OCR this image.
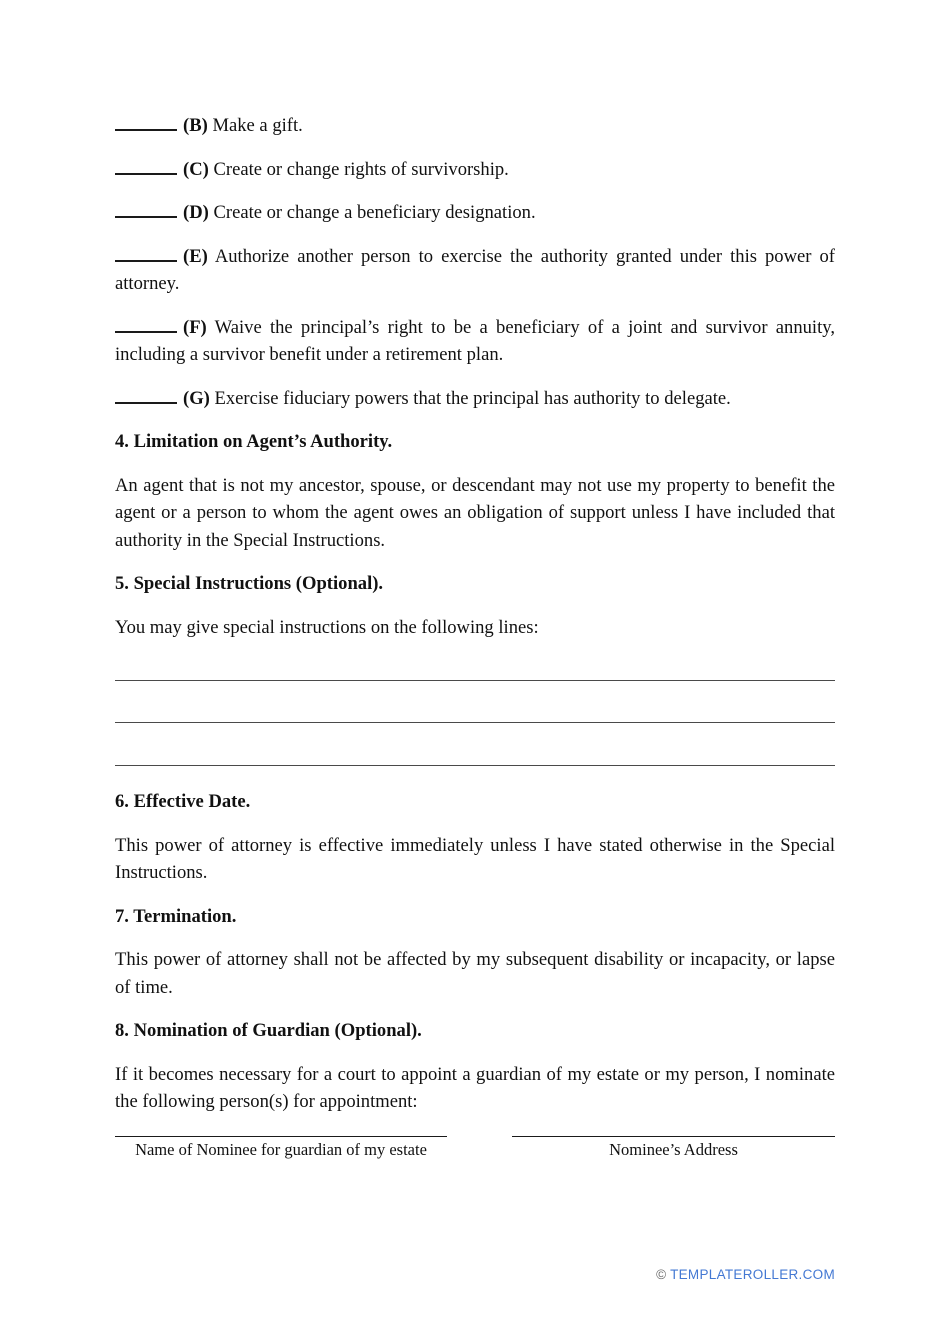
(B) Make a gift.

(C) Create or change rights of survivorship.

(D) Create or change a beneficiary designation.

(E) Authorize another person to exercise the authority granted under this power of attorney.

(F) Waive the principal’s right to be a beneficiary of a joint and survivor annuity, including a survivor benefit under a retirement plan.

(G) Exercise fiduciary powers that the principal has authority to delegate.

4. Limitation on Agent’s Authority.

An agent that is not my ancestor, spouse, or descendant may not use my property to benefit the agent or a person to whom the agent owes an obligation of support unless I have included that authority in the Special Instructions.

5. Special Instructions (Optional).

You may give special instructions on the following lines:

6. Effective Date.

This power of attorney is effective immediately unless I have stated otherwise in the Special Instructions.

7. Termination.

This power of attorney shall not be affected by my subsequent disability or incapacity, or lapse of time.

8. Nomination of Guardian (Optional).

If it becomes necessary for a court to appoint a guardian of my estate or my person, I nominate the following person(s) for appointment:

Name of Nominee for guardian of my estate	Nominee’s Address
© TEMPLATEROLLER.COM
